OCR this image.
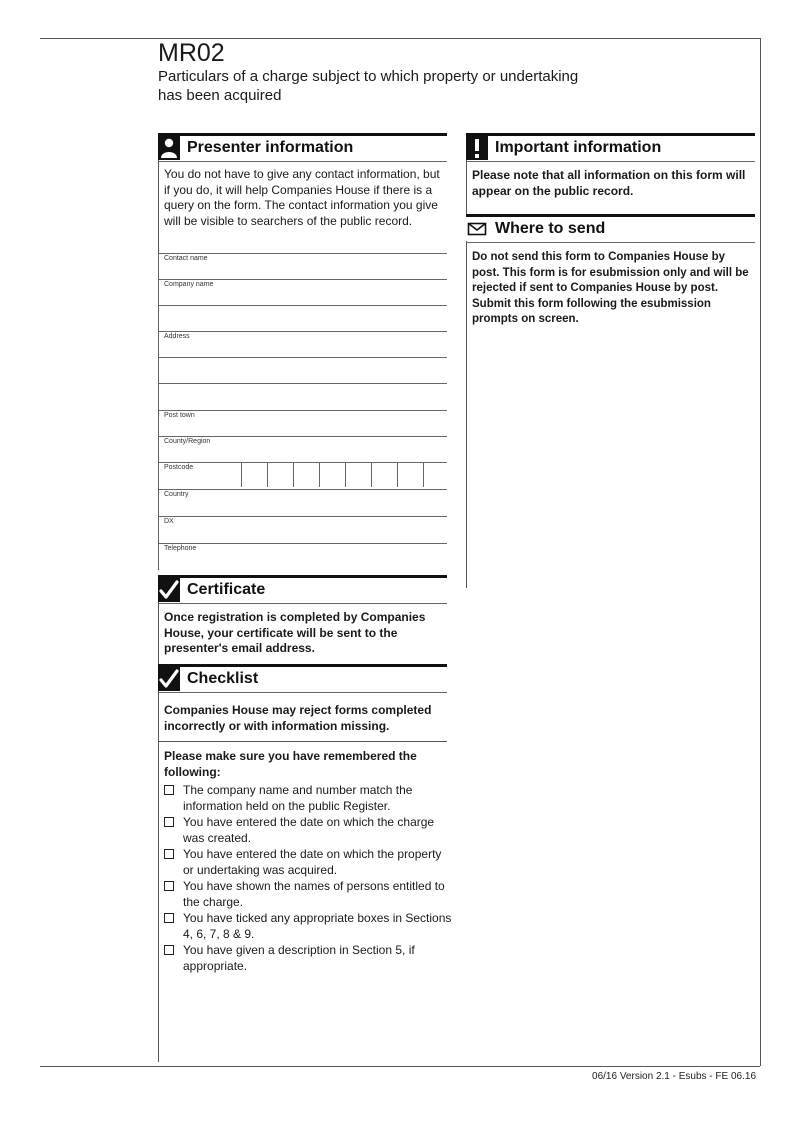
MR02
Particulars of a charge subject to which property or undertaking has been acquired
Presenter information
You do not have to give any contact information, but if you do, it will help Companies House if there is a query on the form. The contact information you give will be visible to searchers of the public record.
Contact name
Company name
Address
Post town
County/Region
Postcode
Country
DX
Telephone
Certificate
Once registration is completed by Companies House, your certificate will be sent to the presenter's email address.
Checklist
Companies House may reject forms completed incorrectly or with information missing.
Please make sure you have remembered the following:
The company name and number match the information held on the public Register.
You have entered the date on which the charge was created.
You have entered the date on which the property or undertaking was acquired.
You have shown the names of persons entitled to the charge.
You have ticked any appropriate boxes in Sections 4, 6, 7, 8 & 9.
You have given a description in Section 5, if appropriate.
Important information
Please note that all information on this form will appear on the public record.
Where to send
Do not send this form to Companies House by post. This form is for esubmission only and will be rejected if sent to Companies House by post. Submit this form following the esubmission prompts on screen.
06/16 Version 2.1 - Esubs - FE 06.16
